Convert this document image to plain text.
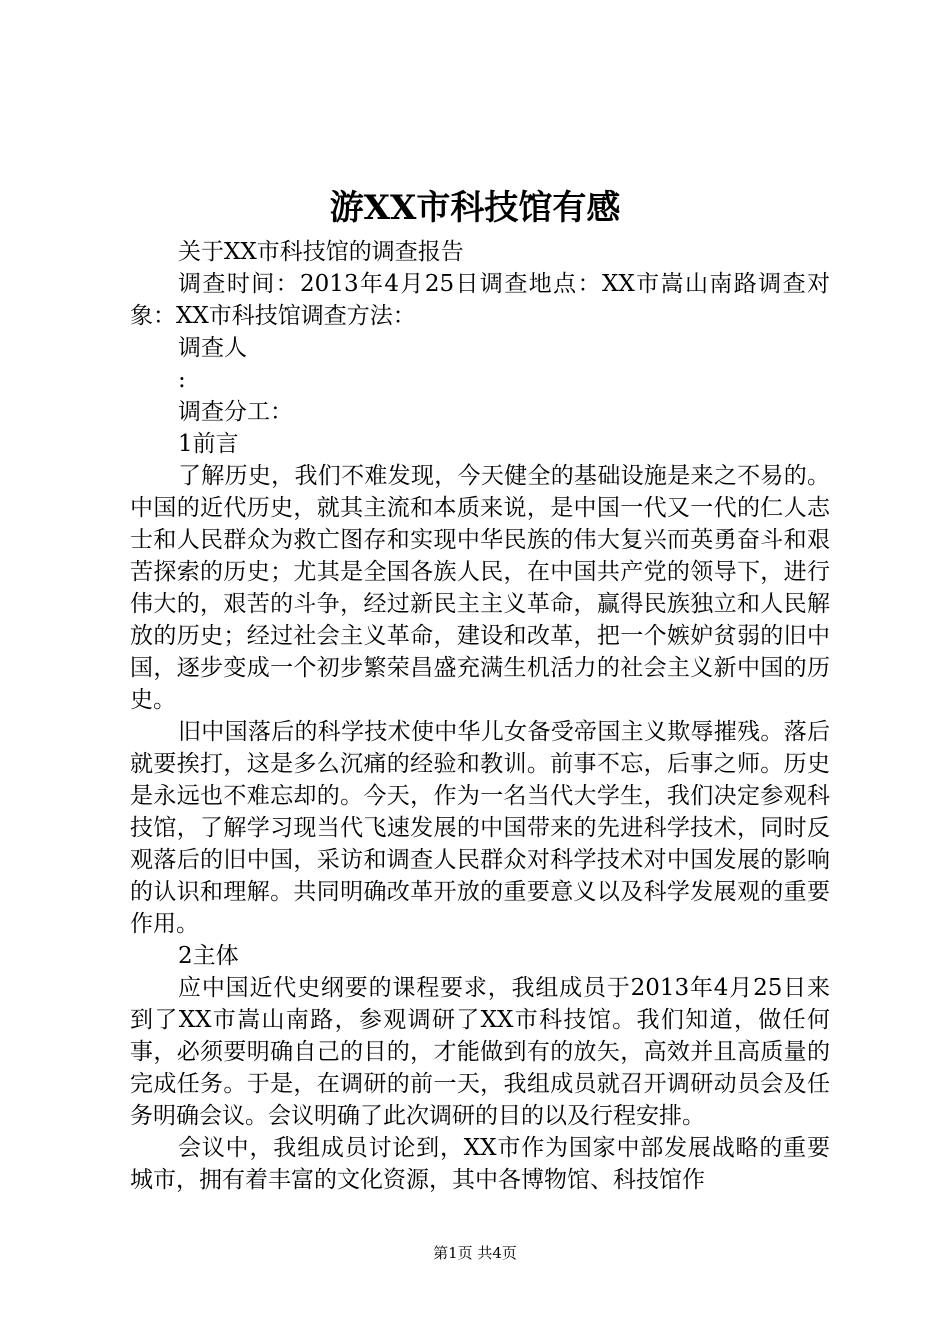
游XX市科技馆有感

关于XX市科技馆的调查报告

调查时间：2013年4月25日调查地点：XX市嵩山南路调查对象：XX市科技馆调查方法：

调查人

:

调查分工：

1前言

了解历史，我们不难发现，今天健全的基础设施是来之不易的。中国的近代历史，就其主流和本质来说，是中国一代又一代的仁人志士和人民群众为救亡图存和实现中华民族的伟大复兴而英勇奋斗和艰苦探索的历史；尤其是全国各族人民，在中国共产党的领导下，进行伟大的，艰苦的斗争，经过新民主主义革命，赢得民族独立和人民解放的历史；经过社会主义革命，建设和改革，把一个嫉妒贫弱的旧中国，逐步变成一个初步繁荣昌盛充满生机活力的社会主义新中国的历史。

旧中国落后的科学技术使中华儿女备受帝国主义欺辱摧残。落后就要挨打，这是多么沉痛的经验和教训。前事不忘，后事之师。历史是永远也不难忘却的。今天，作为一名当代大学生，我们决定参观科技馆，了解学习现当代飞速发展的中国带来的先进科学技术，同时反观落后的旧中国，采访和调查人民群众对科学技术对中国发展的影响的认识和理解。共同明确改革开放的重要意义以及科学发展观的重要作用。

2主体

应中国近代史纲要的课程要求，我组成员于2013年4月25日来到了XX市嵩山南路，参观调研了XX市科技馆。我们知道，做任何事，必须要明确自己的目的，才能做到有的放矢，高效并且高质量的完成任务。于是，在调研的前一天，我组成员就召开调研动员会及任务明确会议。会议明确了此次调研的目的以及行程安排。

会议中，我组成员讨论到，XX市作为国家中部发展战略的重要城市，拥有着丰富的文化资源，其中各博物馆、科技馆作

第1页 共4页
